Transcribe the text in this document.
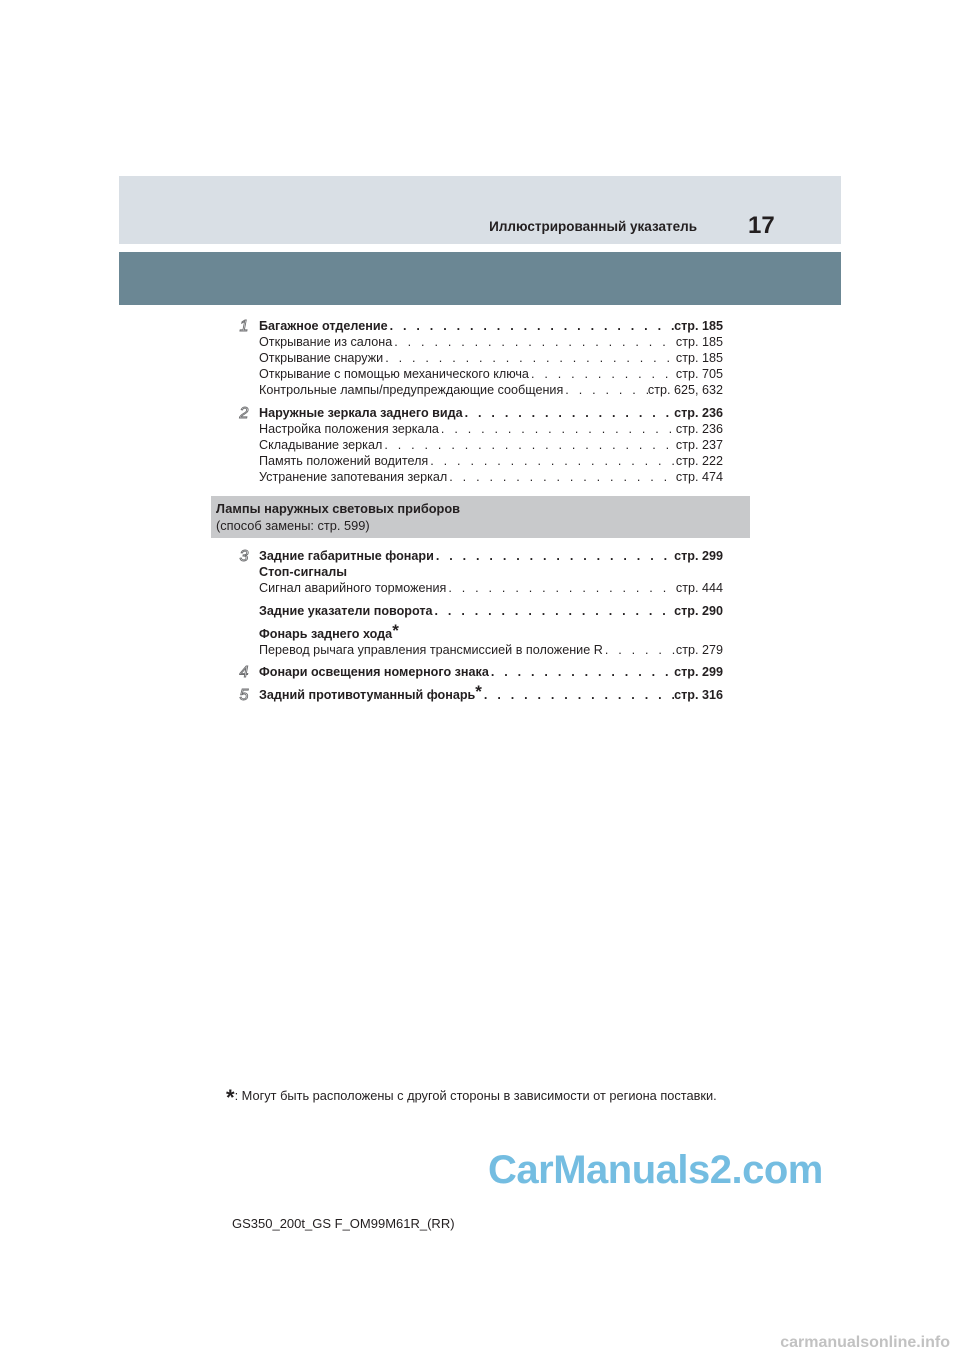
Иллюстрированный указатель 17
1 Багажное отделение . . .	стр. 185
Открывание из салона . . .	стр. 185
Открывание снаружи . . .	стр. 185
Открывание с помощью механического ключа . . .	стр. 705
Контрольные лампы/предупреждающие сообщения . . .	стр. 625, 632
2 Наружные зеркала заднего вида . . .	стр. 236
Настройка положения зеркала . . .	стр. 236
Складывание зеркал . . .	стр. 237
Память положений водителя . . .	стр. 222
Устранение запотевания зеркал . . .	стр. 474
Лампы наружных световых приборов
(способ замены: стр. 599)
3 Задние габаритные фонари . . .	стр. 299
Стоп-сигналы
Сигнал аварийного торможения . . .	стр. 444
Задние указатели поворота . . .	стр. 290
Фонарь заднего хода*
Перевод рычага управления трансмиссией в положение R . . .	стр. 279
4 Фонари освещения номерного знака . . .	стр. 299
5 Задний противотуманный фонарь* . . .	стр. 316
*: Могут быть расположены с другой стороны в зависимости от региона поставки.
CarManuals2.com
GS350_200t_GS F_OM99M61R_(RR)
carmanualsonline.info
